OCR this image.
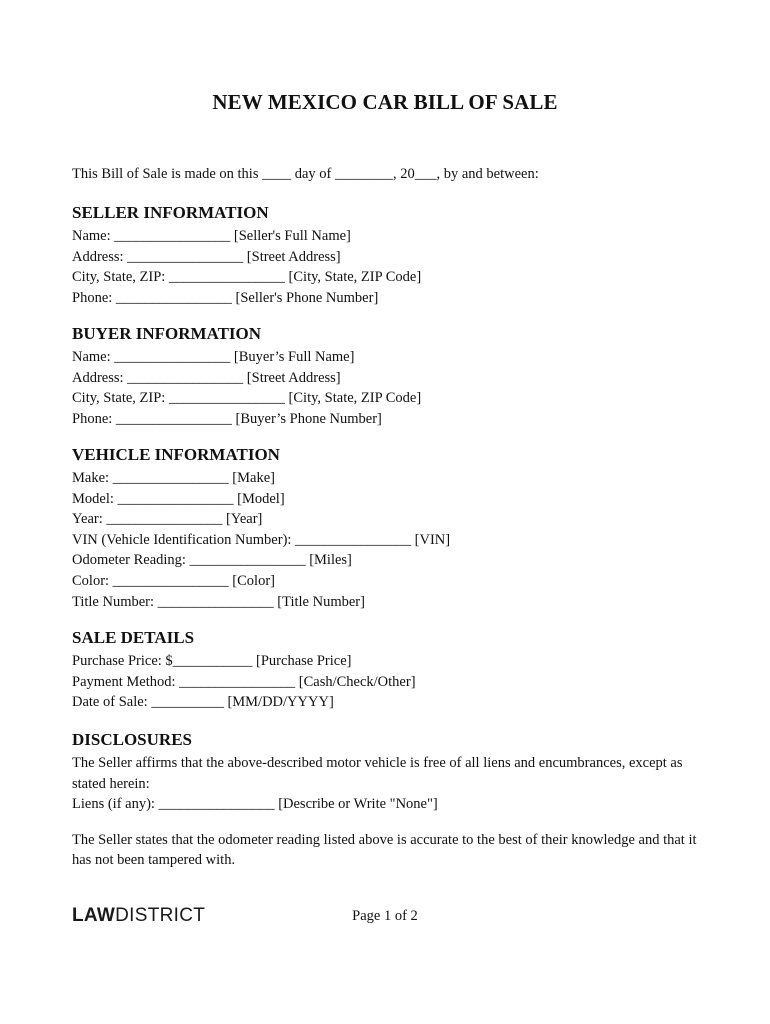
NEW MEXICO CAR BILL OF SALE
This Bill of Sale is made on this ____ day of ________, 20___, by and between:
SELLER INFORMATION
Name: ________________ [Seller's Full Name]
Address: ________________ [Street Address]
City, State, ZIP: ________________ [City, State, ZIP Code]
Phone: ________________ [Seller's Phone Number]
BUYER INFORMATION
Name: ________________ [Buyer’s Full Name]
Address: ________________ [Street Address]
City, State, ZIP: ________________ [City, State, ZIP Code]
Phone: ________________ [Buyer’s Phone Number]
VEHICLE INFORMATION
Make: ________________ [Make]
Model: ________________ [Model]
Year: ________________ [Year]
VIN (Vehicle Identification Number): ________________ [VIN]
Odometer Reading: ________________ [Miles]
Color: ________________ [Color]
Title Number: ________________ [Title Number]
SALE DETAILS
Purchase Price: $___________ [Purchase Price]
Payment Method: ________________ [Cash/Check/Other]
Date of Sale: __________ [MM/DD/YYYY]
DISCLOSURES
The Seller affirms that the above-described motor vehicle is free of all liens and encumbrances, except as stated herein:
Liens (if any): ________________ [Describe or Write "None"]
The Seller states that the odometer reading listed above is accurate to the best of their knowledge and that it has not been tampered with.
LAWDISTRICT	Page 1 of 2
